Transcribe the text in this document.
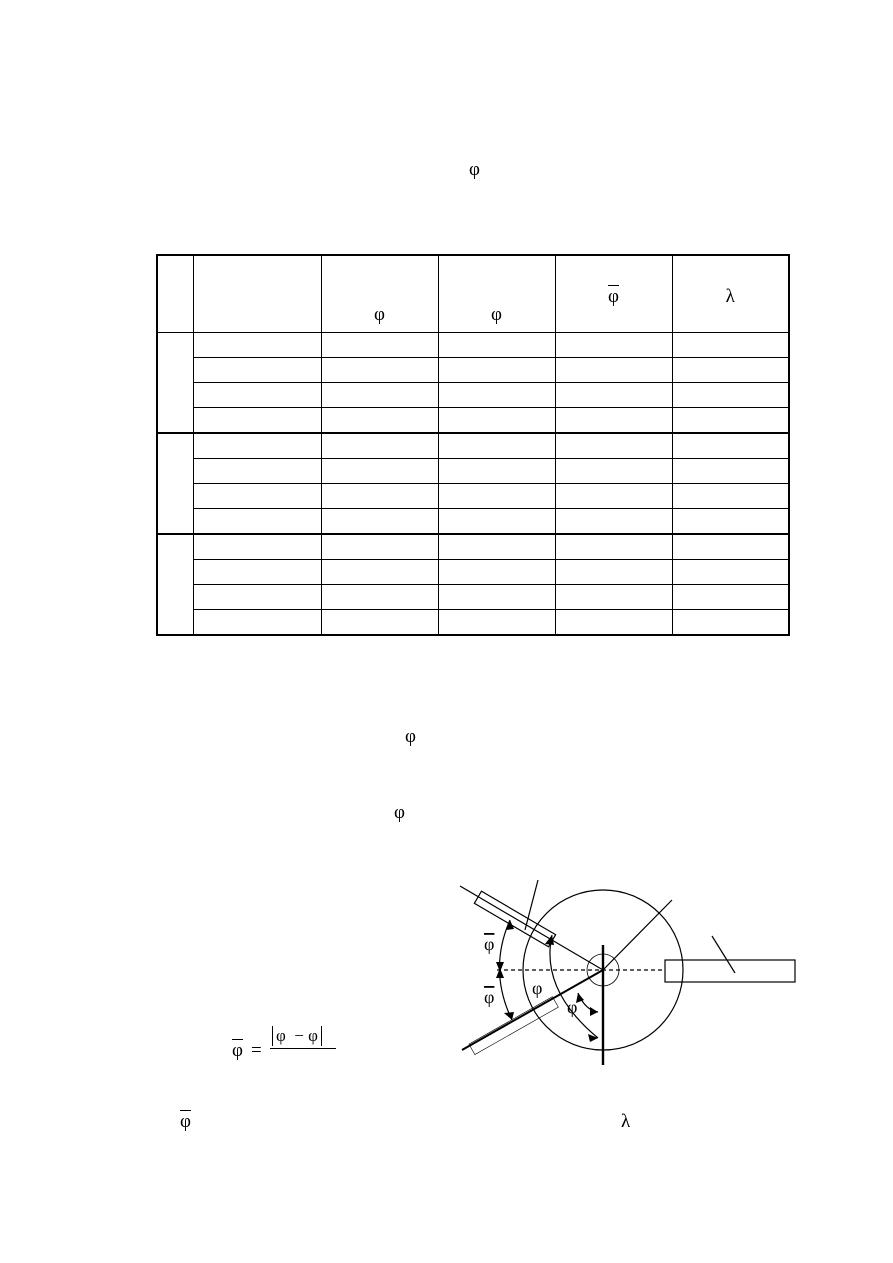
φ

		φ	φ	$\overline{\varphi}$	λ

φ
φ
$\overline{\varphi}$ =
φ  − φ
φ
φ φ
φ
$\overline{\varphi}$	λ
